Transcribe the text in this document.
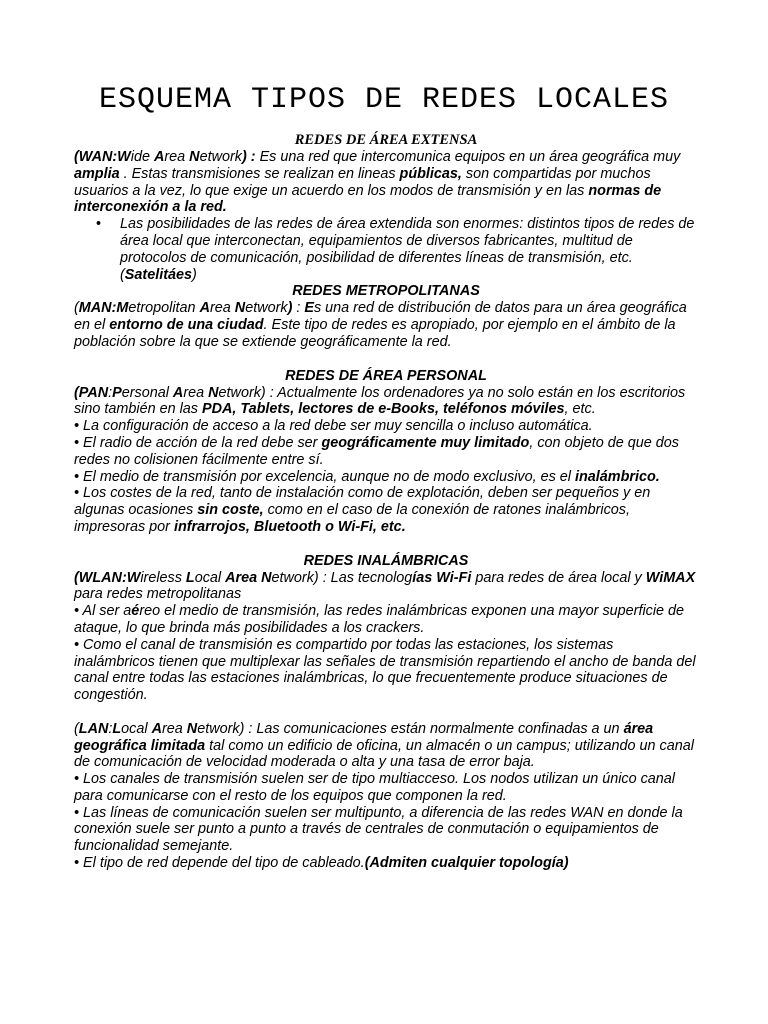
ESQUEMA TIPOS DE REDES LOCALES
REDES DE ÁREA EXTENSA

(WAN:Wide Area Network) : Es una red que intercomunica equipos en un área geográfica muy amplia . Estas transmisiones se realizan en lineas públicas, son compartidas por muchos usuarios a la vez, lo que exige un acuerdo en los modos de transmisión y en las normas de interconexión a la red.

• Las posibilidades de las redes de área extendida son enormes: distintos tipos de redes de área local que interconectan, equipamientos de diversos fabricantes, multitud de protocolos de comunicación, posibilidad de diferentes líneas de transmisión, etc.(Satelitáes)
REDES METROPOLITANAS

(MAN:Metropolitan Area Network) : Es una red de distribución de datos para un área geográfica en el entorno de una ciudad. Este tipo de redes es apropiado, por ejemplo en el ámbito de la población sobre la que se extiende geográficamente la red.

REDES DE ÁREA PERSONAL

(PAN:Personal Area Network) : Actualmente los ordenadores ya no solo están en los escritorios sino también en las PDA, Tablets, lectores de e-Books, teléfonos móviles, etc.

• La configuración de acceso a la red debe ser muy sencilla o incluso automática.

• El radio de acción de la red debe ser geográficamente muy limitado, con objeto de que dos redes no colisionen fácilmente entre sí.

• El medio de transmisión por excelencia, aunque no de modo exclusivo, es el inalámbrico.

• Los costes de la red, tanto de instalación como de explotación, deben ser pequeños y en algunas ocasiones sin coste, como en el caso de la conexión de ratones inalámbricos, impresoras por infrarrojos, Bluetooth o Wi-Fi, etc.

REDES INALÁMBRICAS

(WLAN:Wireless Local Area Network) : Las tecnologías Wi-Fi para redes de área local y WiMAX para redes metropolitanas

• Al ser aéreo el medio de transmisión, las redes inalámbricas exponen una mayor superficie de ataque, lo que brinda más posibilidades a los crackers.

• Como el canal de transmisión es compartido por todas las estaciones, los sistemas inalámbricos tienen que multiplexar las señales de transmisión repartiendo el ancho de banda del canal entre todas las estaciones inalámbricas, lo que frecuentemente produce situaciones de congestión.

(LAN:Local Area Network) : Las comunicaciones están normalmente confinadas a un área geográfica limitada tal como un edificio de oficina, un almacén o un campus; utilizando un canal de comunicación de velocidad moderada o alta y una tasa de error baja.

• Los canales de transmisión suelen ser de tipo multiacceso. Los nodos utilizan un único canal para comunicarse con el resto de los equipos que componen la red.

• Las líneas de comunicación suelen ser multipunto, a diferencia de las redes WAN en donde la conexión suele ser punto a punto a través de centrales de conmutación o equipamientos de funcionalidad semejante.

• El tipo de red depende del tipo de cableado.(Admiten cualquier topología)
